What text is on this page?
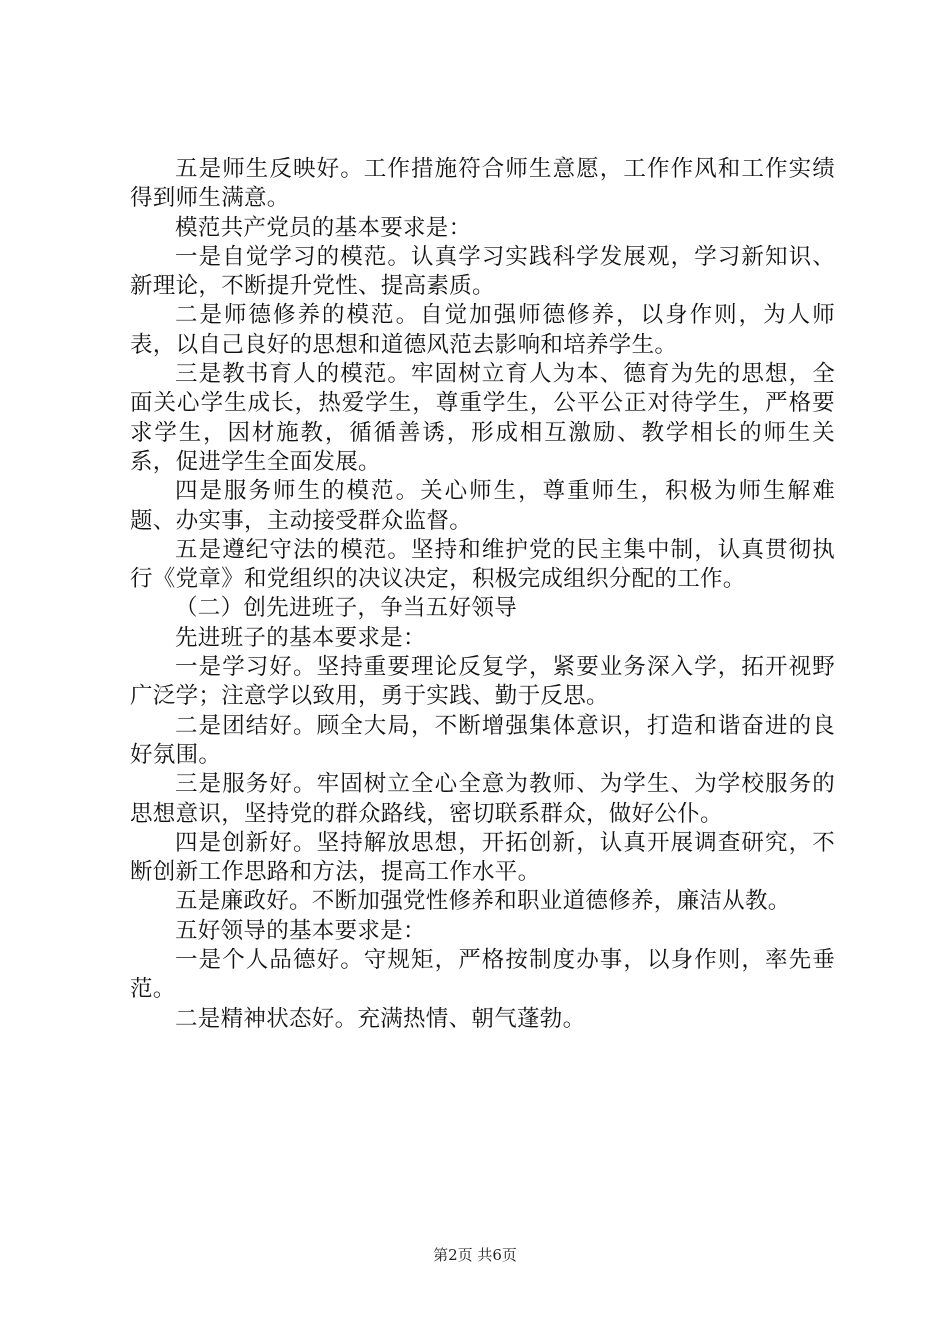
五是师生反映好。工作措施符合师生意愿，工作作风和工作实绩得到师生满意。

模范共产党员的基本要求是：

一是自觉学习的模范。认真学习实践科学发展观，学习新知识、新理论，不断提升党性、提高素质。

二是师德修养的模范。自觉加强师德修养，以身作则，为人师表，以自己良好的思想和道德风范去影响和培养学生。

三是教书育人的模范。牢固树立育人为本、德育为先的思想，全面关心学生成长，热爱学生，尊重学生，公平公正对待学生，严格要求学生，因材施教，循循善诱，形成相互激励、教学相长的师生关系，促进学生全面发展。

四是服务师生的模范。关心师生，尊重师生，积极为师生解难题、办实事，主动接受群众监督。

五是遵纪守法的模范。坚持和维护党的民主集中制，认真贯彻执行《党章》和党组织的决议决定，积极完成组织分配的工作。

（二）创先进班子，争当五好领导

先进班子的基本要求是：

一是学习好。坚持重要理论反复学，紧要业务深入学，拓开视野广泛学；注意学以致用，勇于实践、勤于反思。

二是团结好。顾全大局，不断增强集体意识，打造和谐奋进的良好氛围。

三是服务好。牢固树立全心全意为教师、为学生、为学校服务的思想意识，坚持党的群众路线，密切联系群众，做好公仆。

四是创新好。坚持解放思想，开拓创新，认真开展调查研究，不断创新工作思路和方法，提高工作水平。

五是廉政好。不断加强党性修养和职业道德修养，廉洁从教。

五好领导的基本要求是：

一是个人品德好。守规矩，严格按制度办事，以身作则，率先垂范。

二是精神状态好。充满热情、朝气蓬勃。

第2页 共6页
